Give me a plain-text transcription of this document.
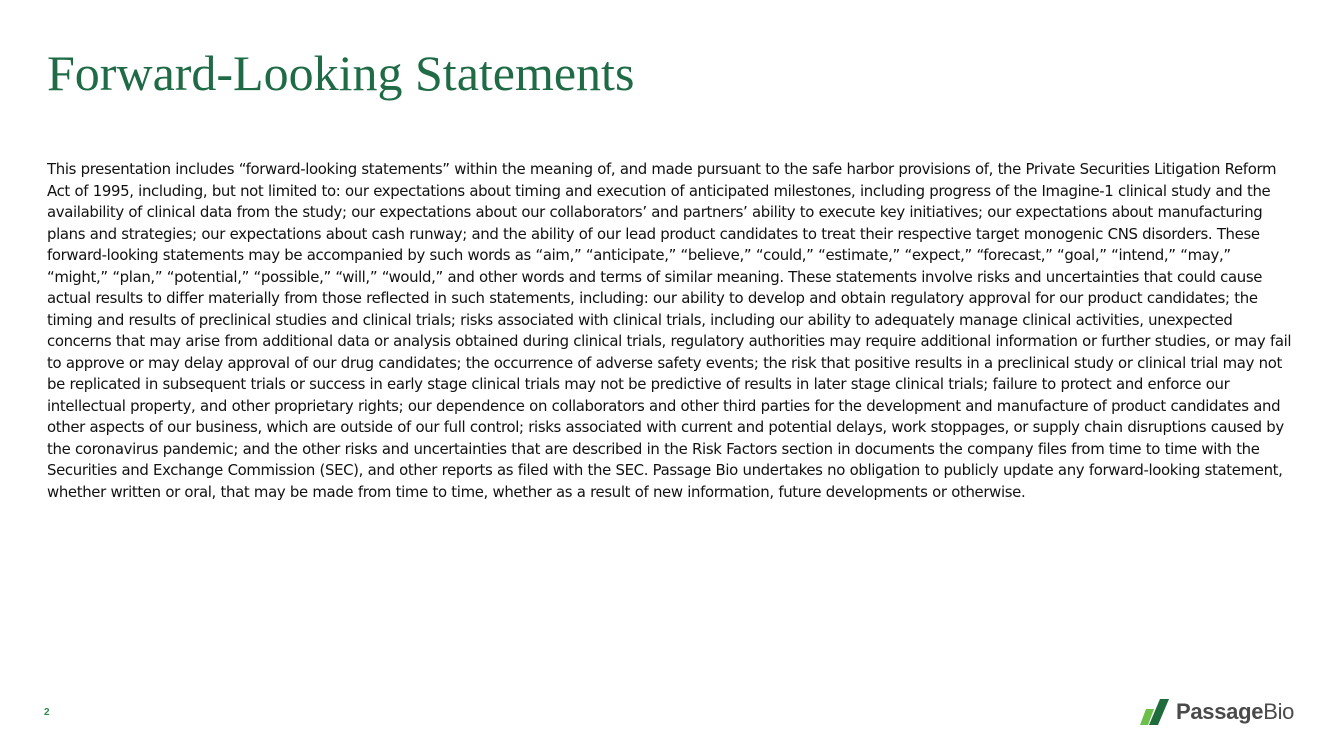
Forward-Looking Statements

This presentation includes “forward-looking statements” within the meaning of, and made pursuant to the safe harbor provisions of, the Private Securities Litigation Reform Act of 1995, including, but not limited to: our expectations about timing and execution of anticipated milestones, including progress of the Imagine-1 clinical study and the availability of clinical data from the study; our expectations about our collaborators’ and partners’ ability to execute key initiatives; our expectations about manufacturing plans and strategies; our expectations about cash runway; and the ability of our lead product candidates to treat their respective target monogenic CNS disorders. These forward-looking statements may be accompanied by such words as “aim,” “anticipate,” “believe,” “could,” “estimate,” “expect,” “forecast,” “goal,” “intend,” “may,” “might,” “plan,” “potential,” “possible,” “will,” “would,” and other words and terms of similar meaning. These statements involve risks and uncertainties that could cause actual results to differ materially from those reflected in such statements, including: our ability to develop and obtain regulatory approval for our product candidates; the timing and results of preclinical studies and clinical trials; risks associated with clinical trials, including our ability to adequately manage clinical activities, unexpected concerns that may arise from additional data or analysis obtained during clinical trials, regulatory authorities may require additional information or further studies, or may fail to approve or may delay approval of our drug candidates; the occurrence of adverse safety events; the risk that positive results in a preclinical study or clinical trial may not be replicated in subsequent trials or success in early stage clinical trials may not be predictive of results in later stage clinical trials; failure to protect and enforce our intellectual property, and other proprietary rights; our dependence on collaborators and other third parties for the development and manufacture of product candidates and other aspects of our business, which are outside of our full control; risks associated with current and potential delays, work stoppages, or supply chain disruptions caused by the coronavirus pandemic; and the other risks and uncertainties that are described in the Risk Factors section in documents the company files from time to time with the Securities and Exchange Commission (SEC), and other reports as filed with the SEC. Passage Bio undertakes no obligation to publicly update any forward-looking statement, whether written or oral, that may be made from time to time, whether as a result of new information, future developments or otherwise.

2	PassageBio
